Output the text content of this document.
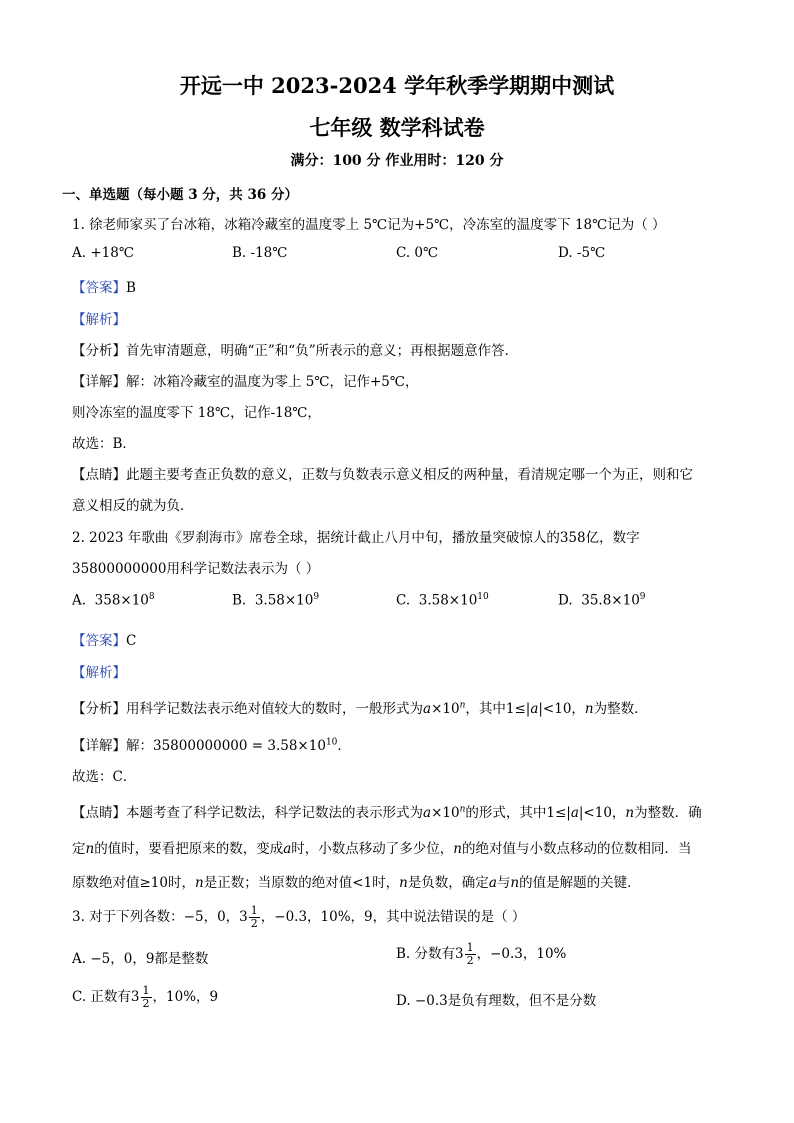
开远一中 2023-2024 学年秋季学期期中测试
七年级 数学科试卷
满分：100 分 作业用时：120 分
一、单选题（每小题 3 分，共 36 分）
1. 徐老师家买了台冰箱，冰箱冷藏室的温度零上 5℃记为+5℃，冷冻室的温度零下 18℃记为（ ）
A. +18℃	B. -18℃	C. 0℃	D. -5℃
【答案】B
【解析】
【分析】首先审清题意，明确“正”和“负”所表示的意义；再根据题意作答．
【详解】解：冰箱冷藏室的温度为零上 5℃，记作+5℃，
则冷冻室的温度零下 18℃，记作-18℃，
故选：B．
【点睛】此题主要考查正负数的意义，正数与负数表示意义相反的两种量，看清规定哪一个为正，则和它
意义相反的就为负．
2. 2023 年歌曲《罗刹海市》席卷全球，据统计截止八月中旬，播放量突破惊人的358亿，数字
35800000000用科学记数法表示为（ ）
A. $358\times 10^8$	B. $3.58\times 10^9$	C. $3.58\times 10^{10}$	D. $35.8\times 10^9$
【答案】C
【解析】
【分析】用科学记数法表示绝对值较大的数时，一般形式为$a\times 10^n$，其中1≤|a|<10，n为整数．
【详解】解：$35800000000 = 3.58\times 10^{10}$．
故选：C．
【点睛】本题考查了科学记数法，科学记数法的表示形式为$a\times 10^n$的形式，其中1≤|a|<10，n为整数．确
定n的值时，要看把原来的数，变成a时，小数点移动了多少位，n的绝对值与小数点移动的位数相同．当
原数绝对值≥10时，n是正数；当原数的绝对值<1时，n是负数，确定a与n的值是解题的关键．
3. 对于下列各数：−5，0，$3 \frac{1}{2}$ ，−0.3，10%，9，其中说法错误的是（ ）
A. −5，0，9都是整数	B. 分数有$3 \frac{1}{2}$ ，−0.3，10%
C. 正数有$3 \frac{1}{2}$ ，10%，9	D. −0.3是负有理数，但不是分数
